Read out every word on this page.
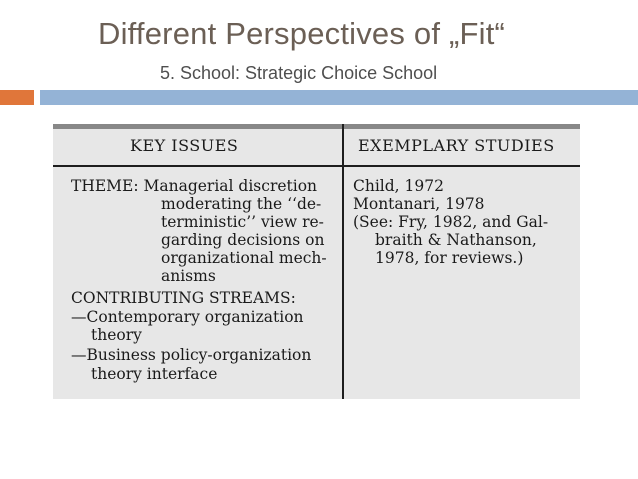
Different Perspectives of „Fit“
5. School: Strategic Choice School
KEY ISSUES	EXEMPLARY STUDIES
THEME: Managerial discretion
moderating the ‘‘de-
terministic’’ view re-
garding decisions on
organizational mech-
anisms
CONTRIBUTING STREAMS:
—Contemporary organization
theory
—Business policy-organization
theory interface
Child, 1972
Montanari, 1978
(See: Fry, 1982, and Gal-
braith & Nathanson,
1978, for reviews.)
